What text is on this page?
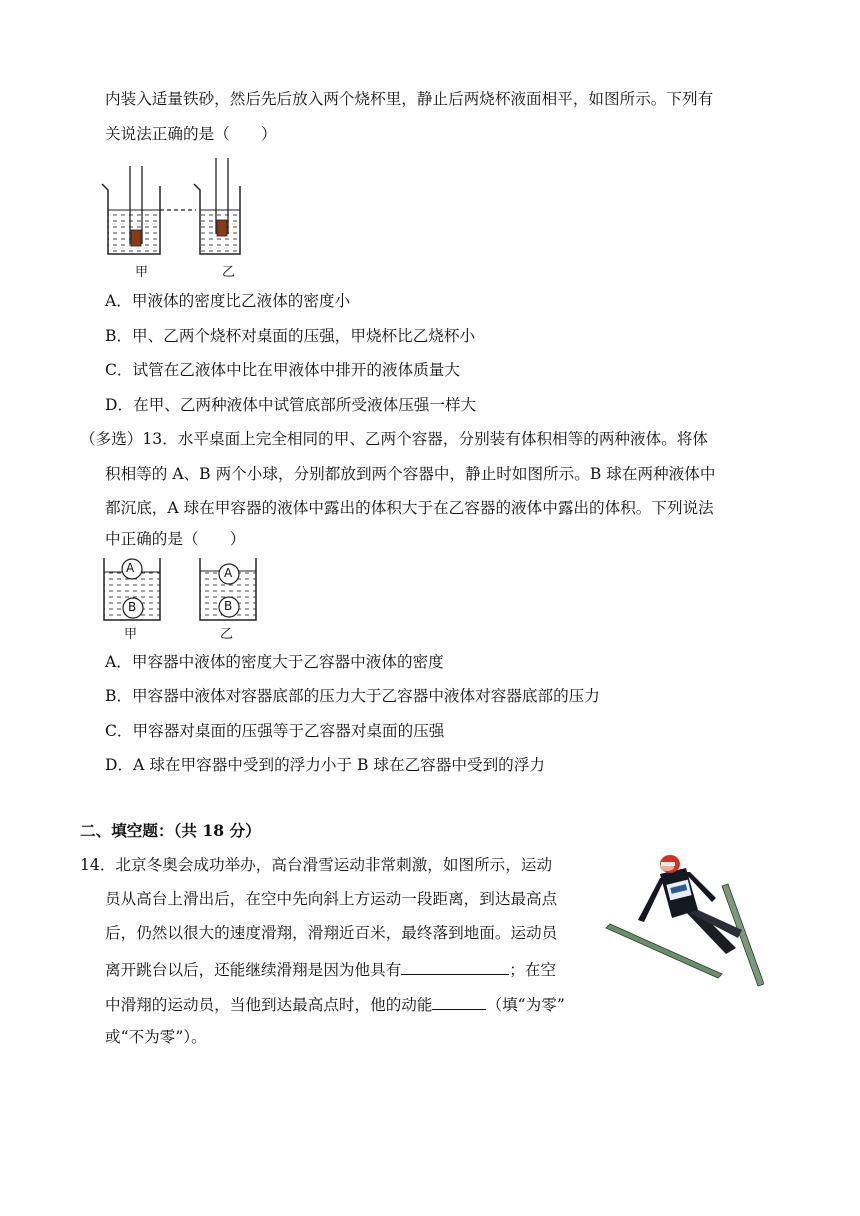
内装入适量铁砂，然后先后放入两个烧杯里，静止后两烧杯液面相平，如图所示。下列有
关说法正确的是（　　）
甲	乙
A．甲液体的密度比乙液体的密度小
B．甲、乙两个烧杯对桌面的压强，甲烧杯比乙烧杯小
C．试管在乙液体中比在甲液体中排开的液体质量大
D．在甲、乙两种液体中试管底部所受液体压强一样大
（多选）13．水平桌面上完全相同的甲、乙两个容器，分别装有体积相等的两种液体。将体
积相等的 A、B 两个小球，分别都放到两个容器中，静止时如图所示。B 球在两种液体中
都沉底，A 球在甲容器的液体中露出的体积大于在乙容器的液体中露出的体积。下列说法
中正确的是（　　）
A
B
A
B
甲	乙
A．甲容器中液体的密度大于乙容器中液体的密度
B．甲容器中液体对容器底部的压力大于乙容器中液体对容器底部的压力
C．甲容器对桌面的压强等于乙容器对桌面的压强
D．A 球在甲容器中受到的浮力小于 B 球在乙容器中受到的浮力
二、填空题：（共 18 分）
14．北京冬奥会成功举办，高台滑雪运动非常刺激，如图所示，运动
员从高台上滑出后，在空中先向斜上方运动一段距离，到达最高点
后，仍然以很大的速度滑翔，滑翔近百米，最终落到地面。运动员
离开跳台以后，还能继续滑翔是因为他具有	；在空
中滑翔的运动员，当他到达最高点时，他的动能	（填“为零”
或“不为零”）。
